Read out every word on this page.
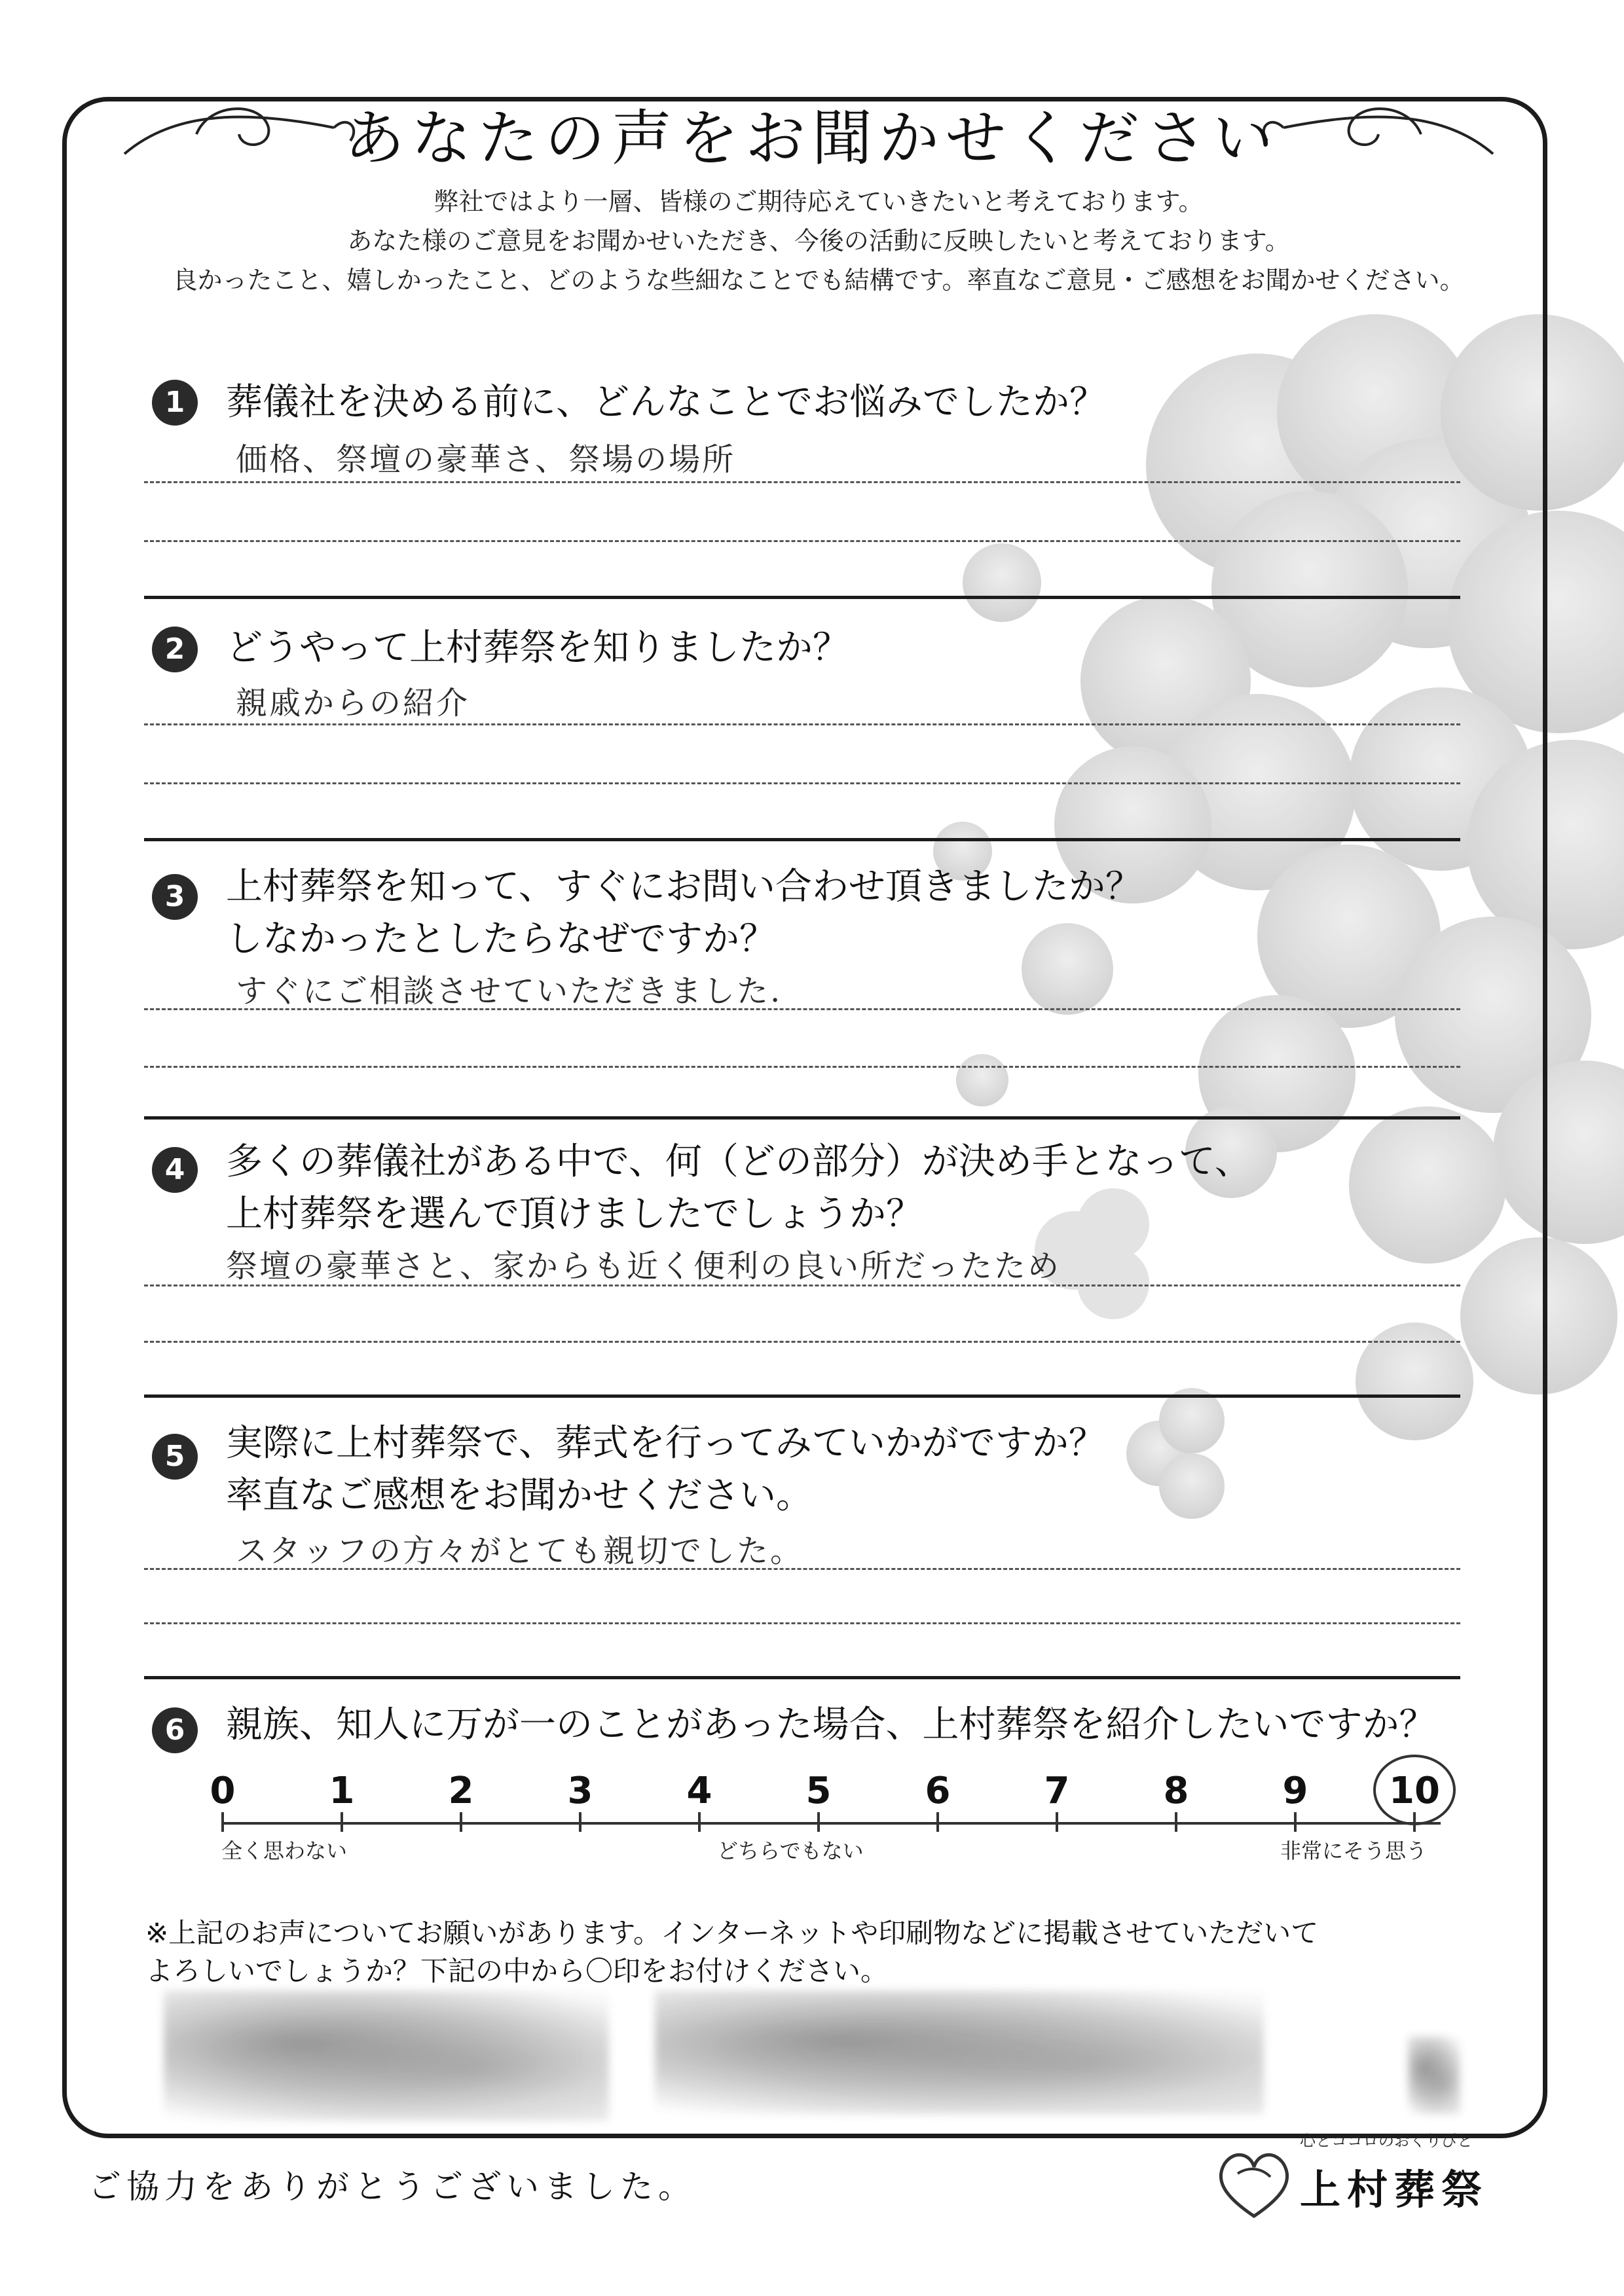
あなたの声をお聞かせください
弊社ではより一層、皆様のご期待応えていきたいと考えております。
あなた様のご意見をお聞かせいただき、今後の活動に反映したいと考えております。
良かったこと、嬉しかったこと、どのような些細なことでも結構です。率直なご意見・ご感想をお聞かせください。
1	葬儀社を決める前に、どんなことでお悩みでしたか？
価格、祭壇の豪華さ、祭場の場所
2	どうやって上村葬祭を知りましたか？
親戚からの紹介
3	上村葬祭を知って、すぐにお問い合わせ頂きましたか？
しなかったとしたらなぜですか？
すぐにご相談させていただきました.
4	多くの葬儀社がある中で、何（どの部分）が決め手となって、
上村葬祭を選んで頂けましたでしょうか？
祭壇の豪華さと、家からも近く便利の良い所だったため
5	実際に上村葬祭で、葬式を行ってみていかがですか？
率直なご感想をお聞かせください。
スタッフの方々がとても親切でした。
6	親族、知人に万が一のことがあった場合、上村葬祭を紹介したいですか？
0	1	2	3	4	5	6	7	8	9	10
全く思わない	どちらでもない	非常にそう思う
※上記のお声についてお願いがあります。インターネットや印刷物などに掲載させていただいて
よろしいでしょうか？下記の中から〇印をお付けください。
ご協力をありがとうございました。
心とココロのおくりびと
上村葬祭
